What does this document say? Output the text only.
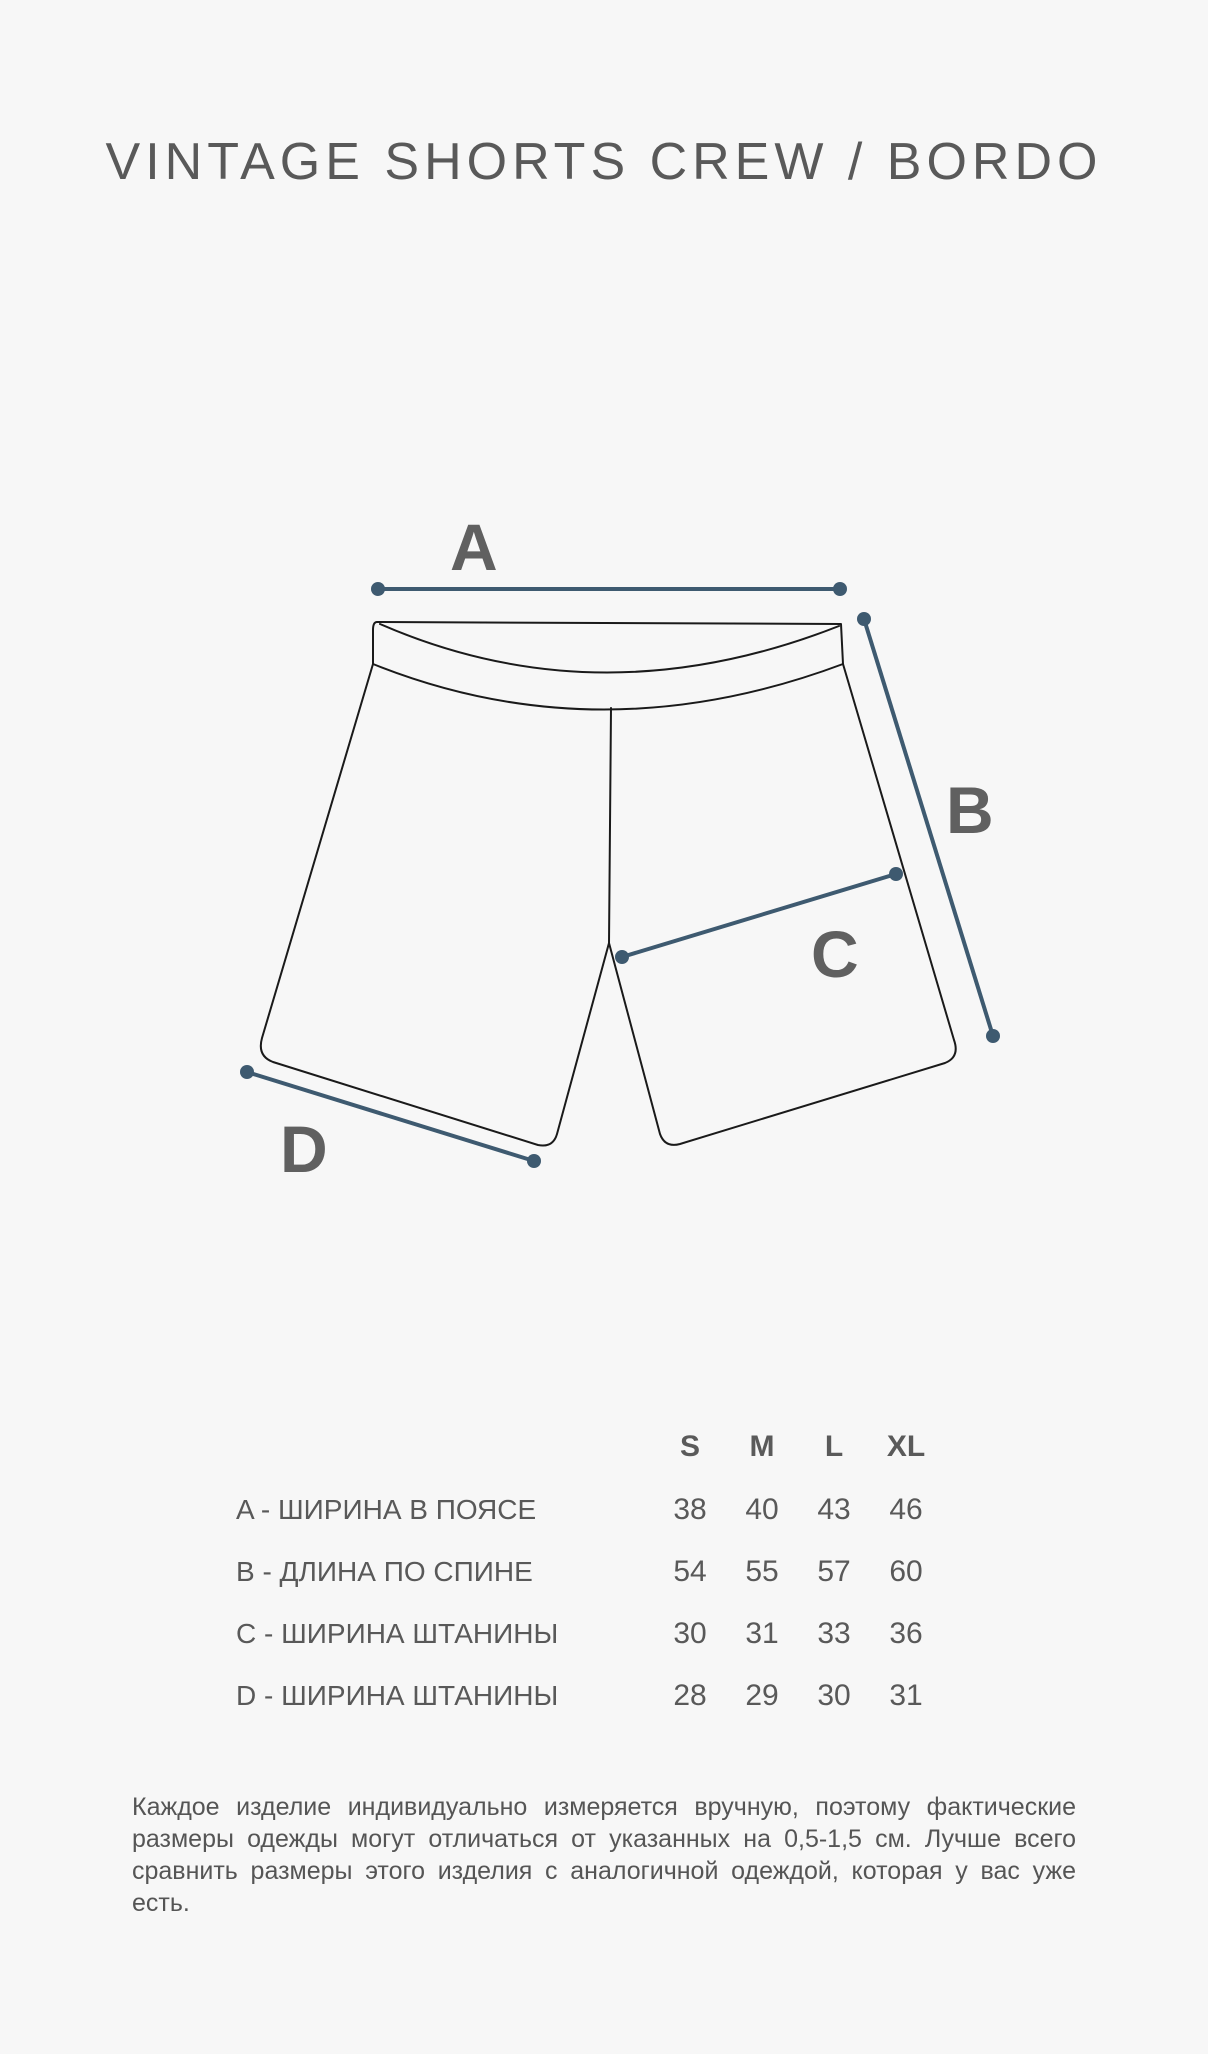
VINTAGE SHORTS CREW / BORDO
A
B
C
D
	S	M	L	XL
A - ШИРИНА В ПОЯСЕ	38	40	43	46
B - ДЛИНА ПО СПИНЕ	54	55	57	60
C - ШИРИНА ШТАНИНЫ	30	31	33	36
D - ШИРИНА ШТАНИНЫ	28	29	30	31

Каждое изделие индивидуально измеряется вручную, поэтому фактические размеры одежды могут отличаться от указанных на 0,5-1,5 см. Лучше всего сравнить размеры этого изделия с аналогичной одеждой, которая у вас уже есть.
